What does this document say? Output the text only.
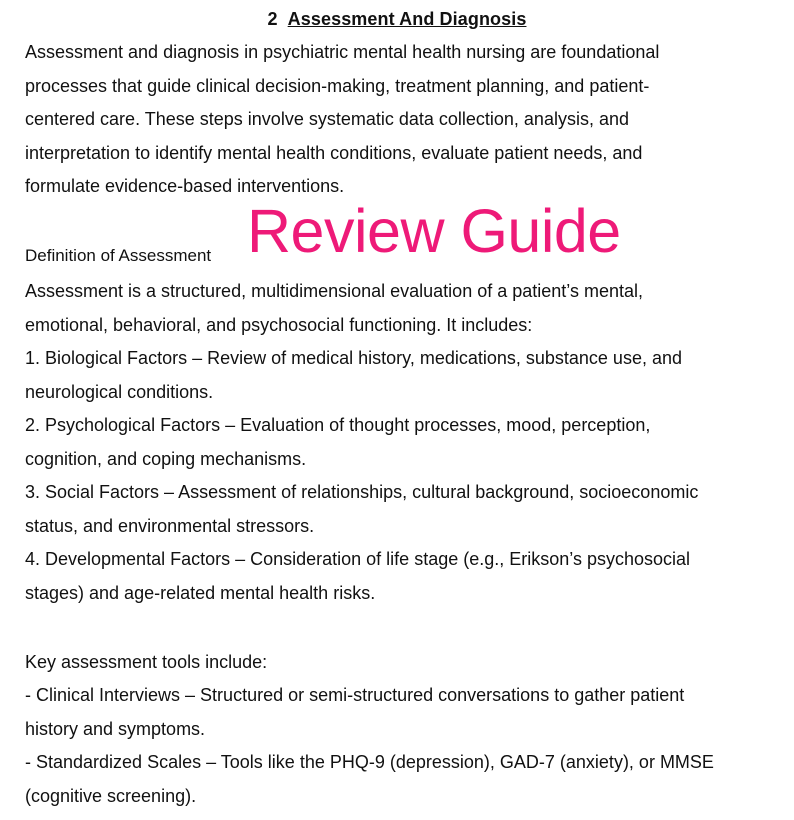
2 Assessment And Diagnosis
Assessment and diagnosis in psychiatric mental health nursing are foundational
processes that guide clinical decision-making, treatment planning, and patient-
centered care. These steps involve systematic data collection, analysis, and
interpretation to identify mental health conditions, evaluate patient needs, and
formulate evidence-based interventions.
Definition of Assessment Review Guide
Assessment is a structured, multidimensional evaluation of a patient’s mental,
emotional, behavioral, and psychosocial functioning. It includes:
1. Biological Factors – Review of medical history, medications, substance use, and
neurological conditions.
2. Psychological Factors – Evaluation of thought processes, mood, perception,
cognition, and coping mechanisms.
3. Social Factors – Assessment of relationships, cultural background, socioeconomic
status, and environmental stressors.
4. Developmental Factors – Consideration of life stage (e.g., Erikson’s psychosocial
stages) and age-related mental health risks.
Key assessment tools include:
- Clinical Interviews – Structured or semi-structured conversations to gather patient
history and symptoms.
- Standardized Scales – Tools like the PHQ-9 (depression), GAD-7 (anxiety), or MMSE
(cognitive screening).
